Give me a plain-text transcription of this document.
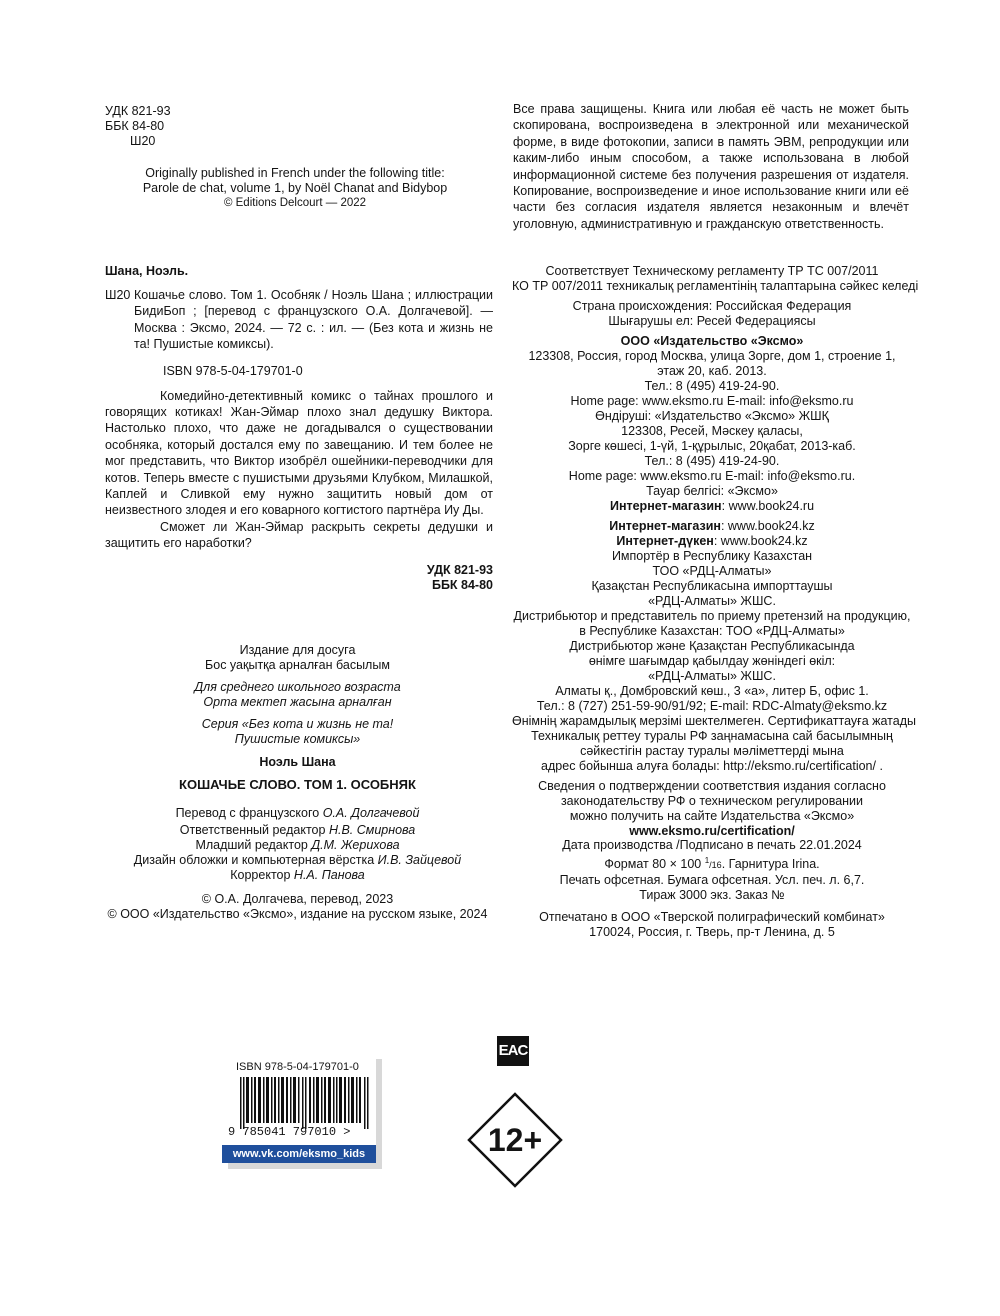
УДК 821-93
ББК 84-80
Ш20
Originally published in French under the following title:
Parole de chat, volume 1, by Noël Chanat and Bidybop
© Editions Delcourt — 2022
Все права защищены. Книга или любая её часть не может быть скопирована, воспроизведена в электронной или механической форме, в виде фотокопии, записи в память ЭВМ, репродукции или каким-либо иным способом, а также использована в любой информационной системе без получения разрешения от издателя. Копирование, воспроизведение и иное использование книги или её части без согласия издателя является незаконным и влечёт уголовную, административную и гражданскую ответственность.
Шана, Ноэль.
Ш20 Кошачье слово. Том 1. Особняк / Ноэль Шана ; иллюстрации БидиБоп ; [перевод с французского О.А. Долгачевой]. — Москва : Эксмо, 2024. — 72 с. : ил. — (Без кота и жизнь не та! Пушистые комиксы).
ISBN 978-5-04-179701-0
Комедийно-детективный комикс о тайнах прошлого и говорящих котиках! Жан-Эймар плохо знал дедушку Виктора. Настолько плохо, что даже не догадывался о существовании особняка, который достался ему по завещанию. И тем более не мог представить, что Виктор изобрёл ошейники-переводчики для котов. Теперь вместе с пушистыми друзьями Клубком, Милашкой, Каплей и Сливкой ему нужно защитить новый дом от неизвестного злодея и его коварного когтистого партнёра Иу Ды.
Сможет ли Жан-Эймар раскрыть секреты дедушки и защитить его наработки?
УДК 821-93
ББК 84-80
Издание для досуга
Бос уақытқа арналған басылым
Для среднего школьного возраста
Орта мектеп жасына арналған
Серия «Без кота и жизнь не та!
Пушистые комиксы»
Ноэль Шана
КОШАЧЬЕ СЛОВО. ТОМ 1. ОСОБНЯК
Перевод с французского О.А. Долгачевой
Ответственный редактор Н.В. Смирнова
Младший редактор Д.М. Жерихова
Дизайн обложки и компьютерная вёрстка И.В. Зайцевой
Корректор Н.А. Панова
© О.А. Долгачева, перевод, 2023
© ООО «Издательство «Эксмо», издание на русском языке, 2024
Соответствует Техническому регламенту ТР ТС 007/2011
КО ТР 007/2011 техникалық регламентінің талаптарына сәйкес келеді
Страна происхождения: Российская Федерация
Шығарушы ел: Ресей Федерациясы
ООО «Издательство «Эксмо»
123308, Россия, город Москва, улица Зорге, дом 1, строение 1,
этаж 20, каб. 2013.
Тел.: 8 (495) 419-24-90.
Home page: www.eksmo.ru E-mail: info@eksmo.ru
Өндіруші: «Издательство «Эксмо» ЖШҚ
123308, Ресей, Мәскеу қаласы,
Зорге көшесі, 1-үй, 1-құрылыс, 20қабат, 2013-каб.
Тел.: 8 (495) 419-24-90.
Home page: www.eksmo.ru E-mail: info@eksmo.ru.
Тауар белгісі: «Эксмо»
Интернет-магазин: www.book24.ru
Интернет-магазин: www.book24.kz
Интернет-дүкен: www.book24.kz
Импортёр в Республику Казахстан
ТОО «РДЦ-Алматы»
Қазақстан Республикасына импорттаушы
«РДЦ-Алматы» ЖШС.
Дистрибьютор и представитель по приему претензий на продукцию,
в Республике Казахстан: ТОО «РДЦ-Алматы»
Дистрибьютор және Қазақстан Республикасында
өнімге шағымдар қабылдау жөніндегі өкіл:
«РДЦ-Алматы» ЖШС.
Алматы қ., Домбровский көш., 3 «а», литер Б, офис 1.
Тел.: 8 (727) 251-59-90/91/92; E-mail: RDC-Almaty@eksmo.kz
Өнімнің жарамдылық мерзімі шектелмеген. Сертификаттауға жатады
Техникалық реттеу туралы РФ заңнамасына сай басылымның
сәйкестігін растау туралы мәліметтерді мына
адрес бойынша алуға болады: http://eksmo.ru/certification/ .
Сведения о подтверждении соответствия издания согласно
законодательству РФ о техническом регулировании
можно получить на сайте Издательства «Эксмо»
www.eksmo.ru/certification/
Дата производства /Подписано в печать 22.01.2024
Формат 80 × 100 $^1$/16. Гарнитура Irina.
Печать офсетная. Бумага офсетная. Усл. печ. л. 6,7.
Тираж 3000 экз. Заказ №
Отпечатано в ООО «Тверской полиграфический комбинат»
170024, Россия, г. Тверь, пр-т Ленина, д. 5
ISBN 978-5-04-179701-0
9 785041 797010 >
www.vk.com/eksmo_kids
EAC
12+
